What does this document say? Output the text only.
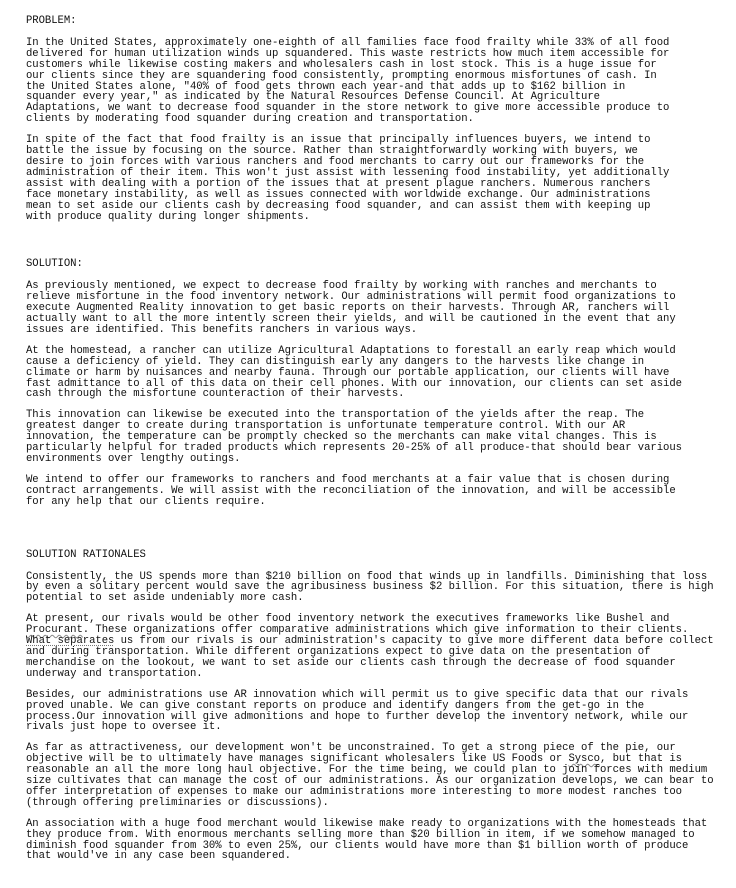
PROBLEM:
In the United States, approximately one-eighth of all families face food frailty while 33% of all food
delivered for human utilization winds up squandered. This waste restricts how much item accessible for
customers while likewise costing makers and wholesalers cash in lost stock. This is a huge issue for
our clients since they are squandering food consistently, prompting enormous misfortunes of cash. In
the United States alone, "40% of food gets thrown each year-and that adds up to $162 billion in
squander every year," as indicated by the Natural Resources Defense Council. At Agriculture
Adaptations, we want to decrease food squander in the store network to give more accessible produce to
clients by moderating food squander during creation and transportation.
In spite of the fact that food frailty is an issue that principally influences buyers, we intend to
battle the issue by focusing on the source. Rather than straightforwardly working with buyers, we
desire to join forces with various ranchers and food merchants to carry out our frameworks for the
administration of their item. This won't just assist with lessening food instability, yet additionally
assist with dealing with a portion of the issues that at present plague ranchers. Numerous ranchers
face monetary instability, as well as issues connected with worldwide exchange. Our administrations
mean to set aside our clients cash by decreasing food squander, and can assist them with keeping up
with produce quality during longer shipments.
SOLUTION:
As previously mentioned, we expect to decrease food frailty by working with ranches and merchants to
relieve misfortune in the food inventory network. Our administrations will permit food organizations to
execute Augmented Reality innovation to get basic reports on their harvests. Through AR, ranchers will
actually want to all the more intently screen their yields, and will be cautioned in the event that any
issues are identified. This benefits ranchers in various ways.
At the homestead, a rancher can utilize Agricultural Adaptations to forestall an early reap which would
cause a deficiency of yield. They can distinguish early any dangers to the harvests like change in
climate or harm by nuisances and nearby fauna. Through our portable application, our clients will have
fast admittance to all of this data on their cell phones. With our innovation, our clients can set aside
cash through the misfortune counteraction of their harvests.
This innovation can likewise be executed into the transportation of the yields after the reap. The
greatest danger to create during transportation is unfortunate temperature control. With our AR
innovation, the temperature can be promptly checked so the merchants can make vital changes. This is
particularly helpful for traded products which represents 20-25% of all produce-that should bear various
environments over lengthy outings.
We intend to offer our frameworks to ranchers and food merchants at a fair value that is chosen during
contract arrangements. We will assist with the reconciliation of the innovation, and will be accessible
for any help that our clients require.
SOLUTION RATIONALES
Consistently, the US spends more than $210 billion on food that winds up in landfills. Diminishing that loss
by even a solitary percent would save the agribusiness business $2 billion. For this situation, there is high
potential to set aside undeniably more cash.
At present, our rivals would be other food inventory network the executives frameworks like Bushel and
Procurant. These organizations offer comparative administrations which give information to their clients.
What separates us from our rivals is our administration's capacity to give more different data before collect
and during transportation. While different organizations expect to give data on the presentation of
merchandise on the lookout, we want to set aside our clients cash through the decrease of food squander
underway and transportation.
Besides, our administrations use AR innovation which will permit us to give specific data that our rivals
proved unable. We can give constant reports on produce and identify dangers from the get-go in the
process.Our innovation will give admonitions and hope to further develop the inventory network, while our
rivals just hope to oversee it.
As far as attractiveness, our development won't be unconstrained. To get a strong piece of the pie, our
objective will be to ultimately have manages significant wholesalers like US Foods or Sysco, but that is
reasonable an all the more long haul objective. For the time being, we could plan to join forces with medium
size cultivates that can manage the cost of our administrations. As our organization develops, we can bear to
offer interpretation of expenses to make our administrations more interesting to more modest ranches too
(through offering preliminaries or discussions).
An association with a huge food merchant would likewise make ready to organizations with the homesteads that
they produce from. With enormous merchants selling more than $20 billion in item, if we somehow managed to
diminish food squander from 30% to even 25%, our clients would have more than $1 billion worth of produce
that would've in any case been squandered.
